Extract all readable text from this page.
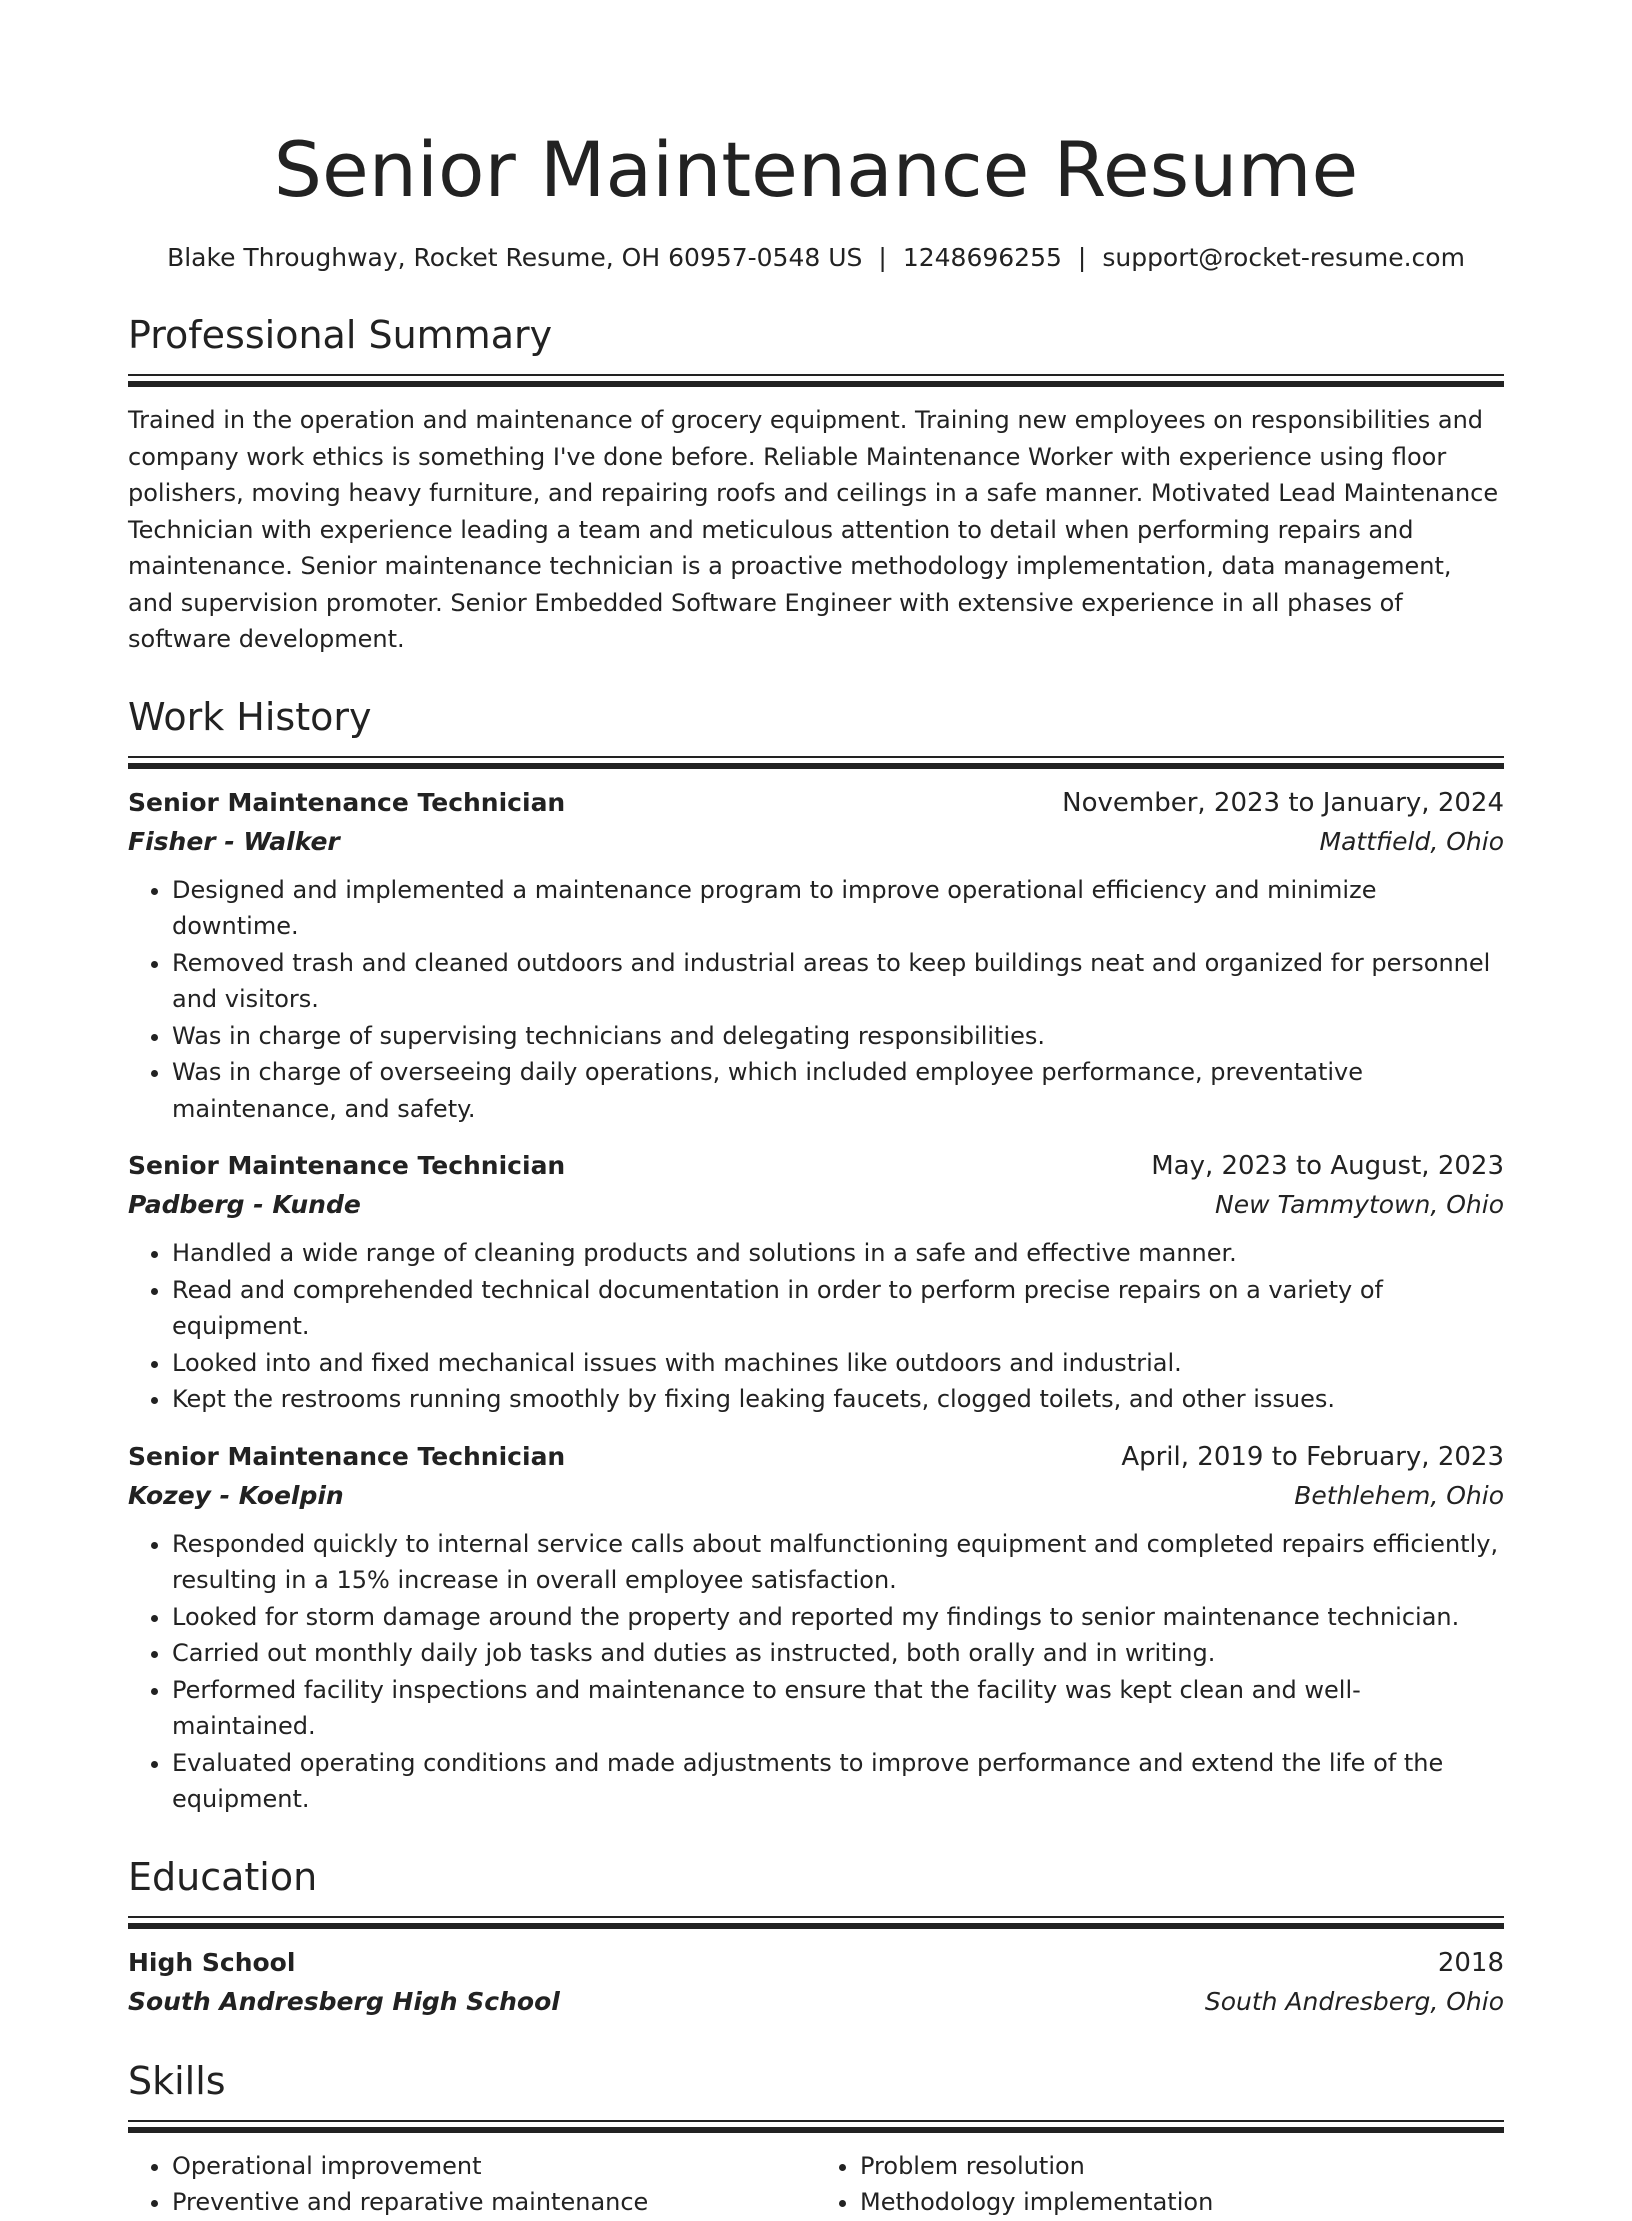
Senior Maintenance Resume
Blake Throughway, Rocket Resume, OH 60957-0548 US | 1248696255 | support@rocket-resume.com
Professional Summary

Trained in the operation and maintenance of grocery equipment. Training new employees on responsibilities and company work ethics is something I've done before. Reliable Maintenance Worker with experience using floor polishers, moving heavy furniture, and repairing roofs and ceilings in a safe manner. Motivated Lead Maintenance Technician with experience leading a team and meticulous attention to detail when performing repairs and maintenance. Senior maintenance technician is a proactive methodology implementation, data management, and supervision promoter. Senior Embedded Software Engineer with extensive experience in all phases of software development.

Work History
Senior Maintenance Technician	November, 2023 to January, 2024
Fisher - Walker	Mattfield, Ohio
• Designed and implemented a maintenance program to improve operational efficiency and minimize downtime.
• Removed trash and cleaned outdoors and industrial areas to keep buildings neat and organized for personnel and visitors.
• Was in charge of supervising technicians and delegating responsibilities.
• Was in charge of overseeing daily operations, which included employee performance, preventative maintenance, and safety.
Senior Maintenance Technician	May, 2023 to August, 2023
Padberg - Kunde	New Tammytown, Ohio
• Handled a wide range of cleaning products and solutions in a safe and effective manner.
• Read and comprehended technical documentation in order to perform precise repairs on a variety of equipment.
• Looked into and fixed mechanical issues with machines like outdoors and industrial.
• Kept the restrooms running smoothly by fixing leaking faucets, clogged toilets, and other issues.
Senior Maintenance Technician	April, 2019 to February, 2023
Kozey - Koelpin	Bethlehem, Ohio
• Responded quickly to internal service calls about malfunctioning equipment and completed repairs efficiently, resulting in a 15% increase in overall employee satisfaction.
• Looked for storm damage around the property and reported my findings to senior maintenance technician.
• Carried out monthly daily job tasks and duties as instructed, both orally and in writing.
• Performed facility inspections and maintenance to ensure that the facility was kept clean and well-maintained.
• Evaluated operating conditions and made adjustments to improve performance and extend the life of the equipment.
Education
High School	2018
South Andresberg High School	South Andresberg, Ohio
Skills
• Operational improvement
• Preventive and reparative maintenance
• Problem resolution
• Methodology implementation
